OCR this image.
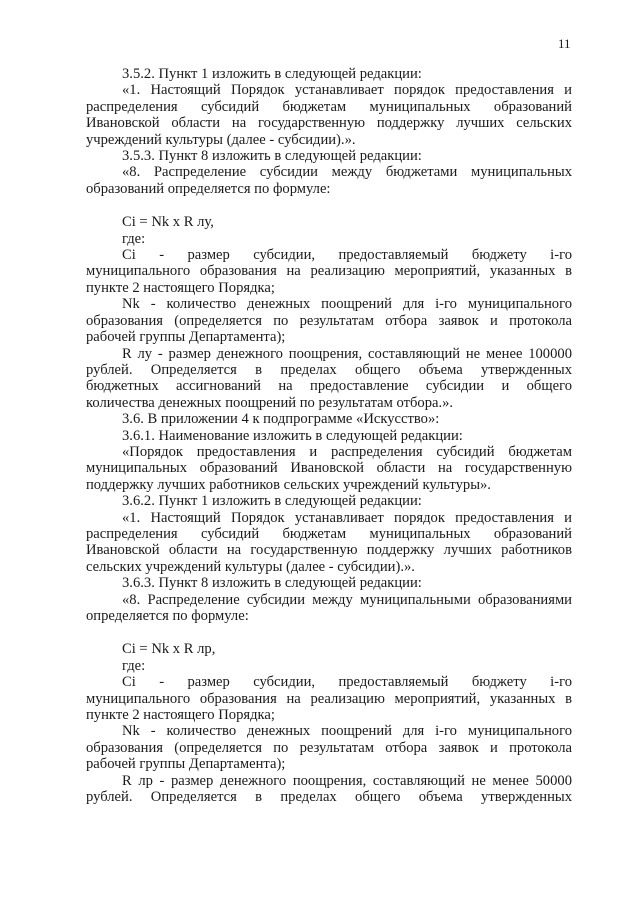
11
3.5.2. Пункт 1 изложить в следующей редакции:
«1. Настоящий Порядок устанавливает порядок предоставления и
распределения субсидий бюджетам муниципальных образований
Ивановской области на государственную поддержку лучших сельских
учреждений культуры (далее - субсидии).».
3.5.3. Пункт 8 изложить в следующей редакции:
«8. Распределение субсидии между бюджетами муниципальных
образований определяется по формуле:
Ci = Nk x R лу,
где:
Ci - размер субсидии, предоставляемый бюджету i-го
муниципального образования на реализацию мероприятий, указанных в
пункте 2 настоящего Порядка;
Nk - количество денежных поощрений для i-го муниципального
образования (определяется по результатам отбора заявок и протокола
рабочей группы Департамента);
R лу - размер денежного поощрения, составляющий не менее 100000
рублей. Определяется в пределах общего объема утвержденных
бюджетных ассигнований на предоставление субсидии и общего
количества денежных поощрений по результатам отбора.».
3.6. В приложении 4 к подпрограмме «Искусство»:
3.6.1. Наименование изложить в следующей редакции:
«Порядок предоставления и распределения субсидий бюджетам
муниципальных образований Ивановской области на государственную
поддержку лучших работников сельских учреждений культуры».
3.6.2. Пункт 1 изложить в следующей редакции:
«1. Настоящий Порядок устанавливает порядок предоставления и
распределения субсидий бюджетам муниципальных образований
Ивановской области на государственную поддержку лучших работников
сельских учреждений культуры (далее - субсидии).».
3.6.3. Пункт 8 изложить в следующей редакции:
«8. Распределение субсидии между муниципальными образованиями
определяется по формуле:
Ci = Nk x R лр,
где:
Ci - размер субсидии, предоставляемый бюджету i-го
муниципального образования на реализацию мероприятий, указанных в
пункте 2 настоящего Порядка;
Nk - количество денежных поощрений для i-го муниципального
образования (определяется по результатам отбора заявок и протокола
рабочей группы Департамента);
R лр - размер денежного поощрения, составляющий не менее 50000
рублей. Определяется в пределах общего объема утвержденных
